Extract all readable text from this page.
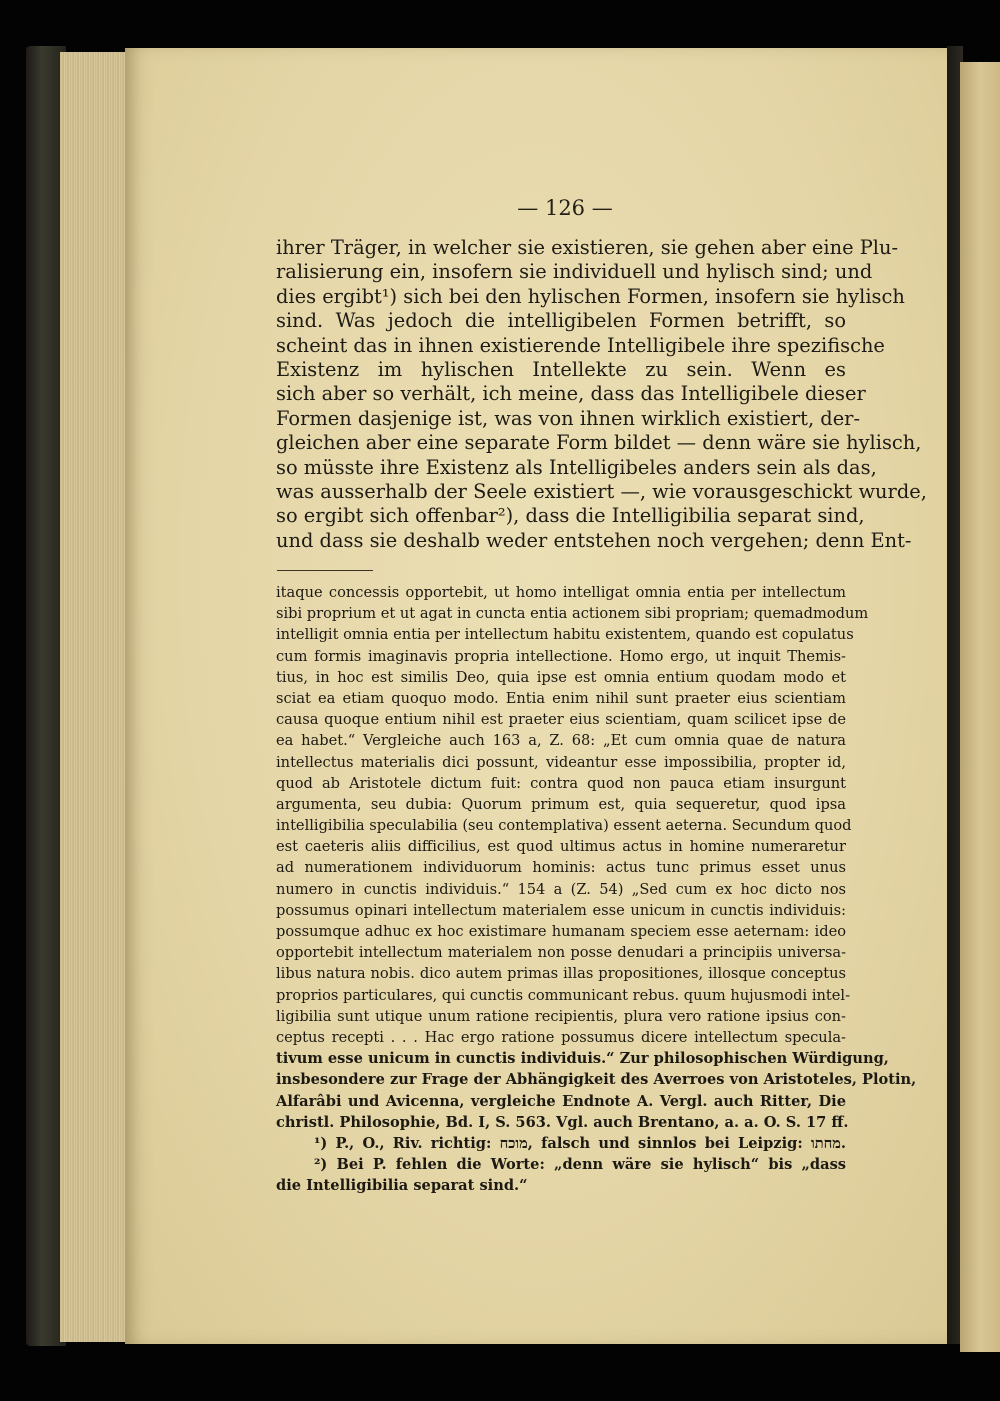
— 126 —
ihrer Träger, in welcher sie existieren, sie gehen aber eine Plu-
ralisierung ein, insofern sie individuell und hylisch sind; und
dies ergibt¹) sich bei den hylischen Formen, insofern sie hylisch
sind. Was jedoch die intelligibelen Formen betrifft, so
scheint das in ihnen existierende Intelligibele ihre spezifische
Existenz im hylischen Intellekte zu sein. Wenn es
sich aber so verhält, ich meine, dass das Intelligibele dieser
Formen dasjenige ist, was von ihnen wirklich existiert, der-
gleichen aber eine separate Form bildet — denn wäre sie hylisch,
so müsste ihre Existenz als Intelligibeles anders sein als das,
was ausserhalb der Seele existiert —, wie vorausgeschickt wurde,
so ergibt sich offenbar²), dass die Intelligibilia separat sind,
und dass sie deshalb weder entstehen noch vergehen; denn Ent-
itaque concessis opportebit, ut homo intelligat omnia entia per intellectum
sibi proprium et ut agat in cuncta entia actionem sibi propriam; quemadmodum
intelligit omnia entia per intellectum habitu existentem, quando est copulatus
cum formis imaginavis propria intellectione. Homo ergo, ut inquit Themis-
tius, in hoc est similis Deo, quia ipse est omnia entium quodam modo et
sciat ea etiam quoquo modo. Entia enim nihil sunt praeter eius scientiam
causa quoque entium nihil est praeter eius scientiam, quam scilicet ipse de
ea habet.“ Vergleiche auch 163 a, Z. 68: „Et cum omnia quae de natura
intellectus materialis dici possunt, videantur esse impossibilia, propter id,
quod ab Aristotele dictum fuit: contra quod non pauca etiam insurgunt
argumenta, seu dubia: Quorum primum est, quia sequeretur, quod ipsa
intelligibilia speculabilia (seu contemplativa) essent aeterna. Secundum quod
est caeteris aliis difficilius, est quod ultimus actus in homine numeraretur
ad numerationem individuorum hominis: actus tunc primus esset unus
numero in cunctis individuis.“ 154 a (Z. 54) „Sed cum ex hoc dicto nos
possumus opinari intellectum materialem esse unicum in cunctis individuis:
possumque adhuc ex hoc existimare humanam speciem esse aeternam: ideo
opportebit intellectum materialem non posse denudari a principiis universa-
libus natura nobis. dico autem primas illas propositiones, illosque conceptus
proprios particulares, qui cunctis communicant rebus. quum hujusmodi intel-
ligibilia sunt utique unum ratione recipientis, plura vero ratione ipsius con-
ceptus recepti . . . Hac ergo ratione possumus dicere intellectum specula-
tivum esse unicum in cunctis individuis.“ Zur philosophischen Würdigung,
insbesondere zur Frage der Abhängigkeit des Averroes von Aristoteles, Plotin,
Alfarâbi und Avicenna, vergleiche Endnote A. Vergl. auch Ritter, Die
christl. Philosophie, Bd. I, S. 563. Vgl. auch Brentano, a. a. O. S. 17 ff.
¹) P., O., Riv. richtig: מוכח, falsch und sinnlos bei Leipzig: מחתו.
²) Bei P. fehlen die Worte: „denn wäre sie hylisch“ bis „dass
die Intelligibilia separat sind.“
